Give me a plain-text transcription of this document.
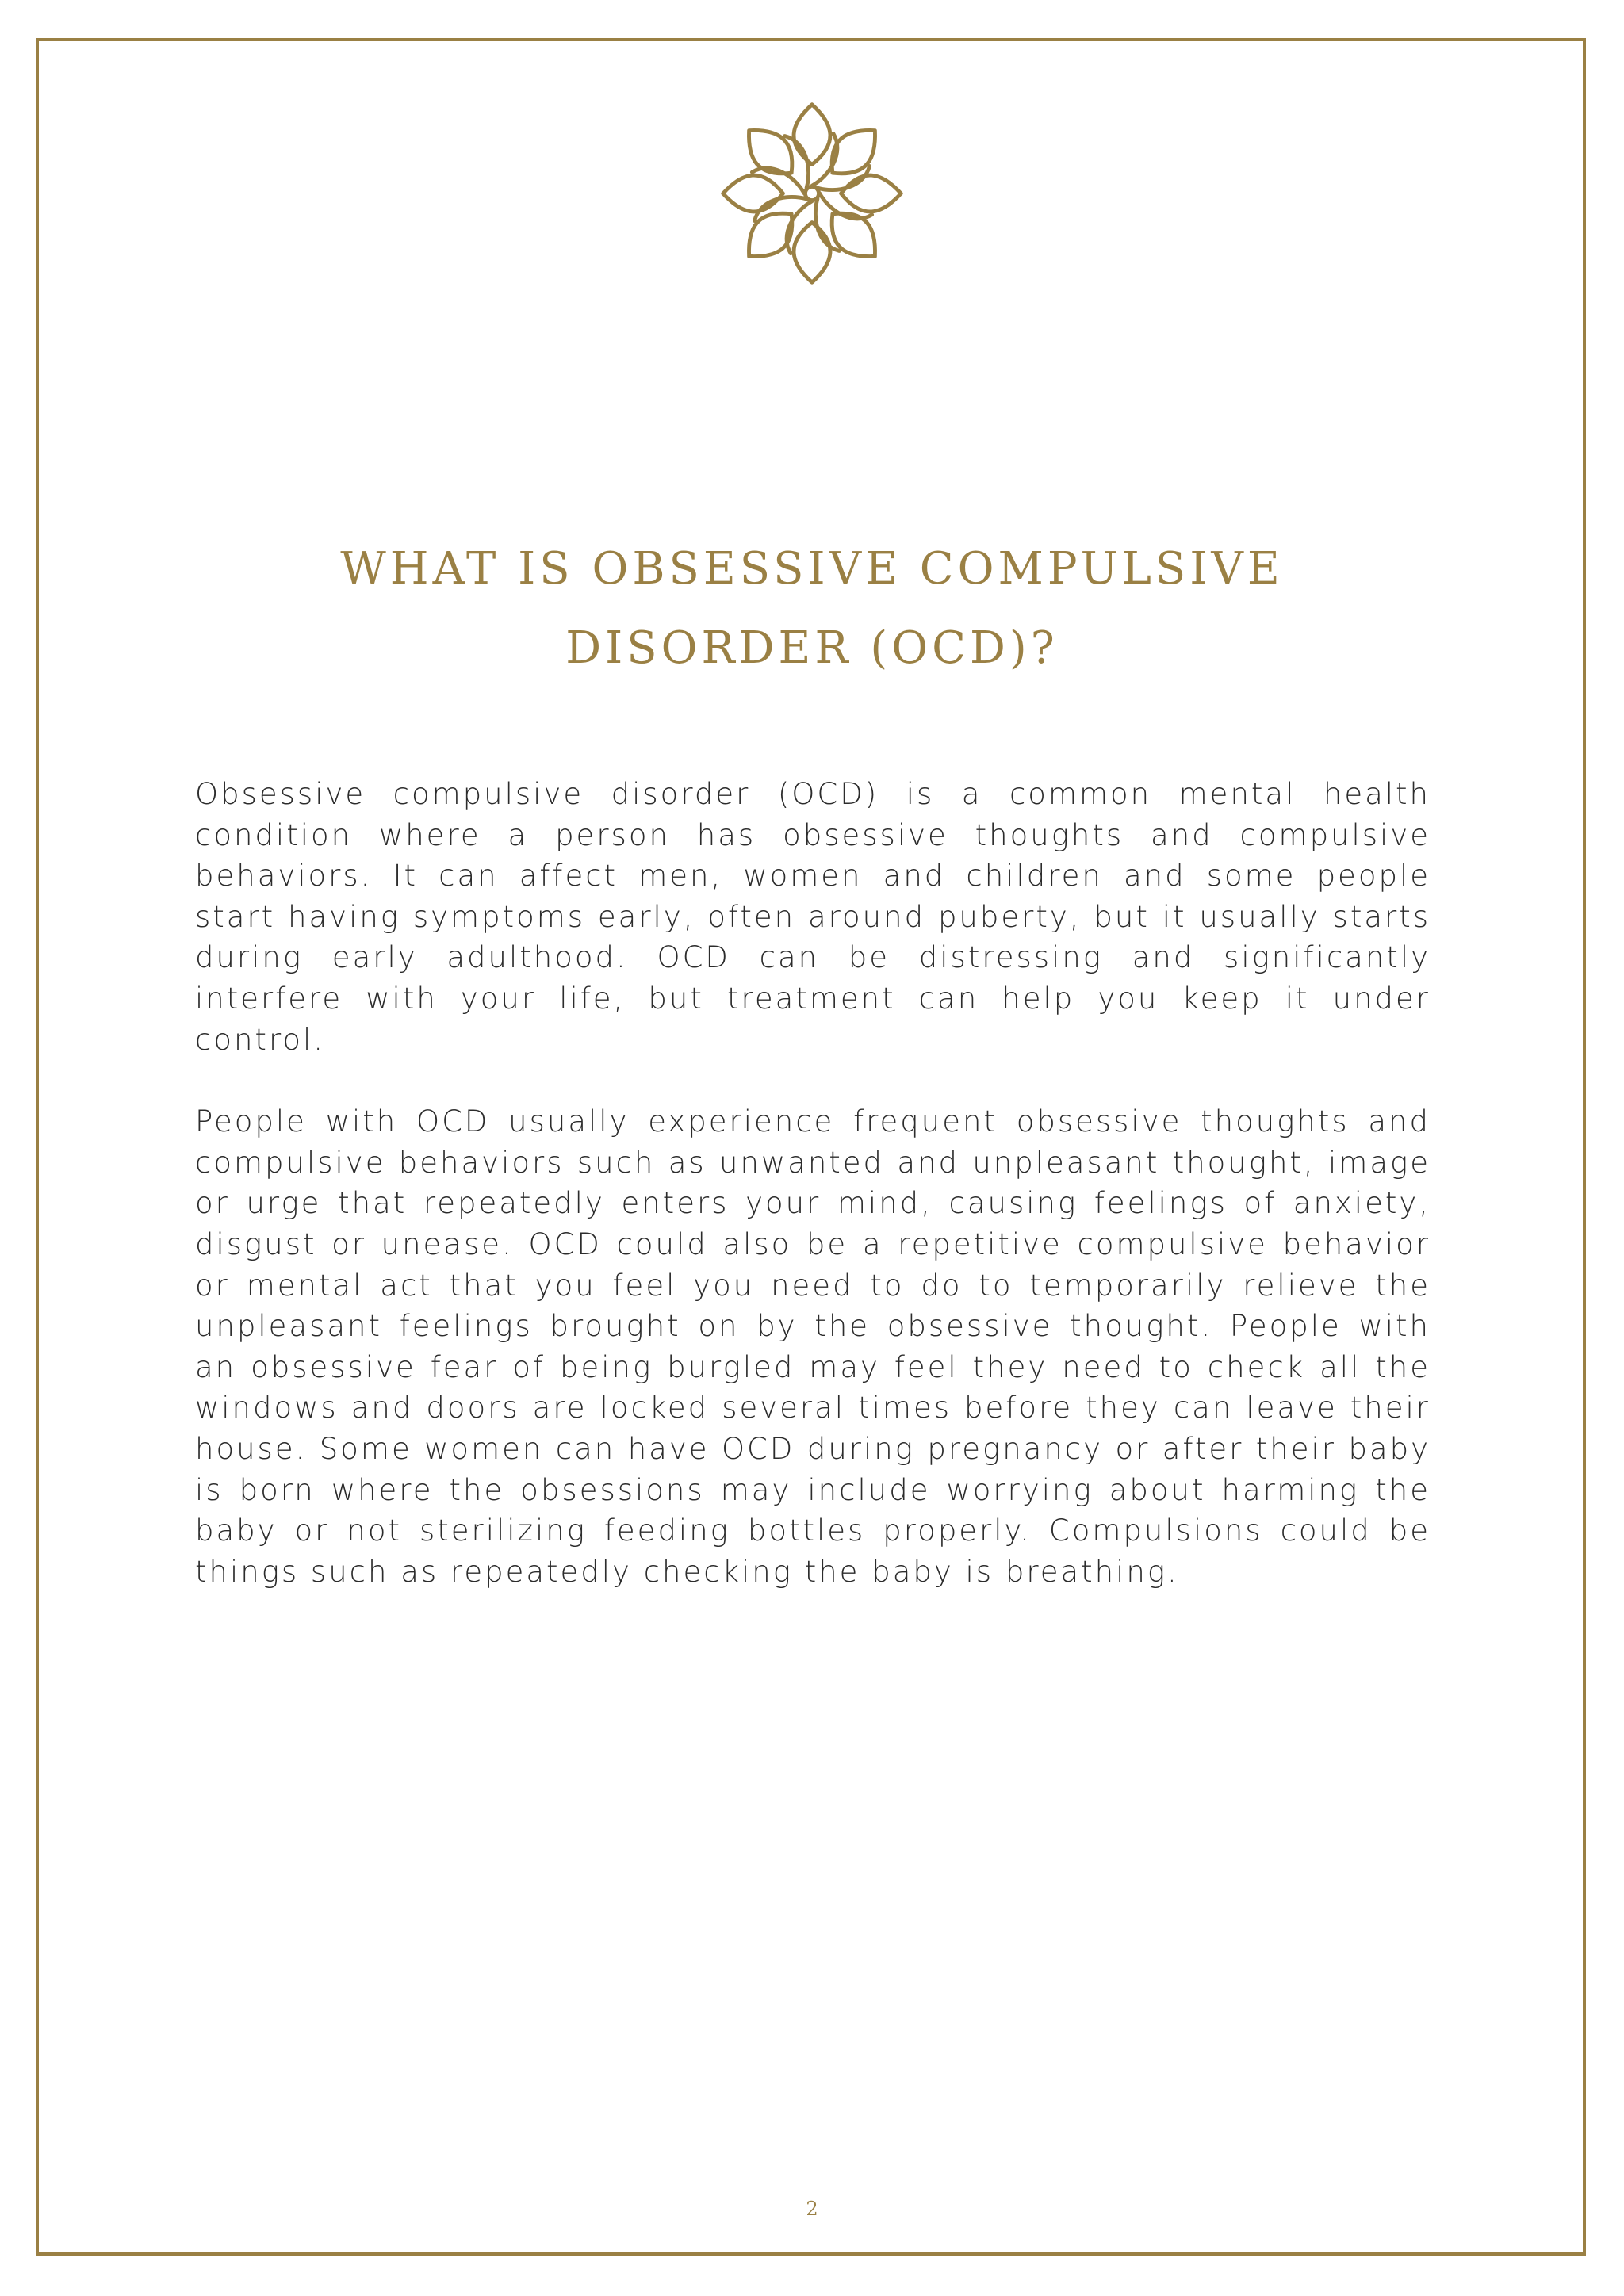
WHAT IS OBSESSIVE COMPULSIVE
DISORDER (OCD)?

Obsessive compulsive disorder (OCD) is a common mental health condition where a person has obsessive thoughts and compulsive behaviors. It can affect men, women and children and some people start having symptoms early, often around puberty, but it usually starts during early adulthood. OCD can be distressing and significantly interfere with your life, but treatment can help you keep it under control.

People with OCD usually experience frequent obsessive thoughts and compulsive behaviors such as unwanted and unpleasant thought, image or urge that repeatedly enters your mind, causing feelings of anxiety, disgust or unease. OCD could also be a repetitive compulsive behavior or mental act that you feel you need to do to temporarily relieve the unpleasant feelings brought on by the obsessive thought. People with an obsessive fear of being burgled may feel they need to check all the windows and doors are locked several times before they can leave their house. Some women can have OCD during pregnancy or after their baby is born where the obsessions may include worrying about harming the baby or not sterilizing feeding bottles properly. Compulsions could be things such as repeatedly checking the baby is breathing.

2
